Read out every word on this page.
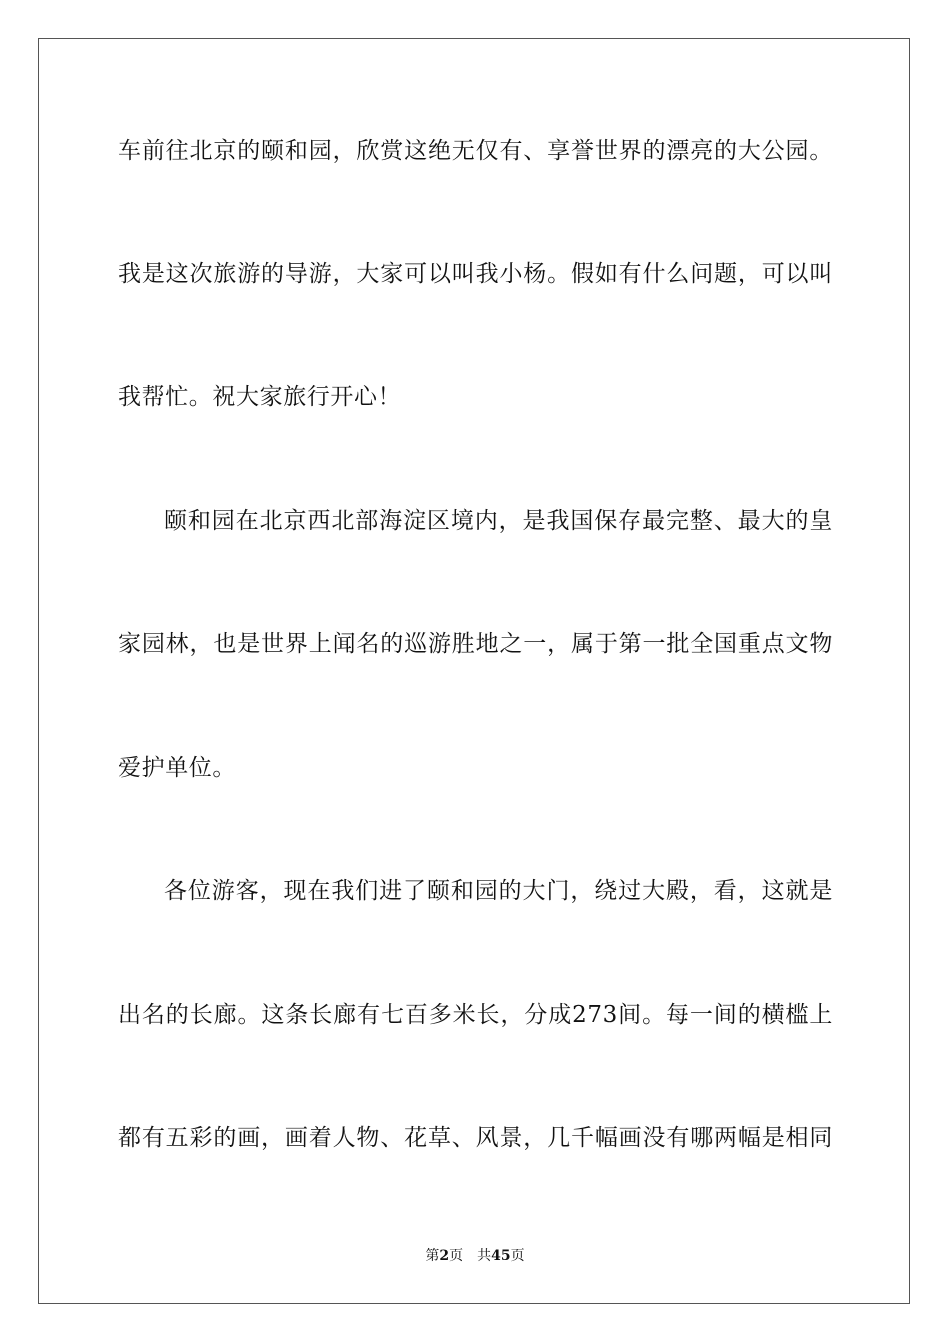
车前往北京的颐和园，欣赏这绝无仅有、享誉世界的漂亮的大公园。
我是这次旅游的导游，大家可以叫我小杨。假如有什么问题，可以叫
我帮忙。祝大家旅行开心！
颐和园在北京西北部海淀区境内，是我国保存最完整、最大的皇
家园林，也是世界上闻名的巡游胜地之一，属于第一批全国重点文物
爱护单位。
各位游客，现在我们进了颐和园的大门，绕过大殿，看，这就是
出名的长廊。这条长廊有七百多米长，分成273间。每一间的横槛上
都有五彩的画，画着人物、花草、风景，几千幅画没有哪两幅是相同
第2页 共45页
